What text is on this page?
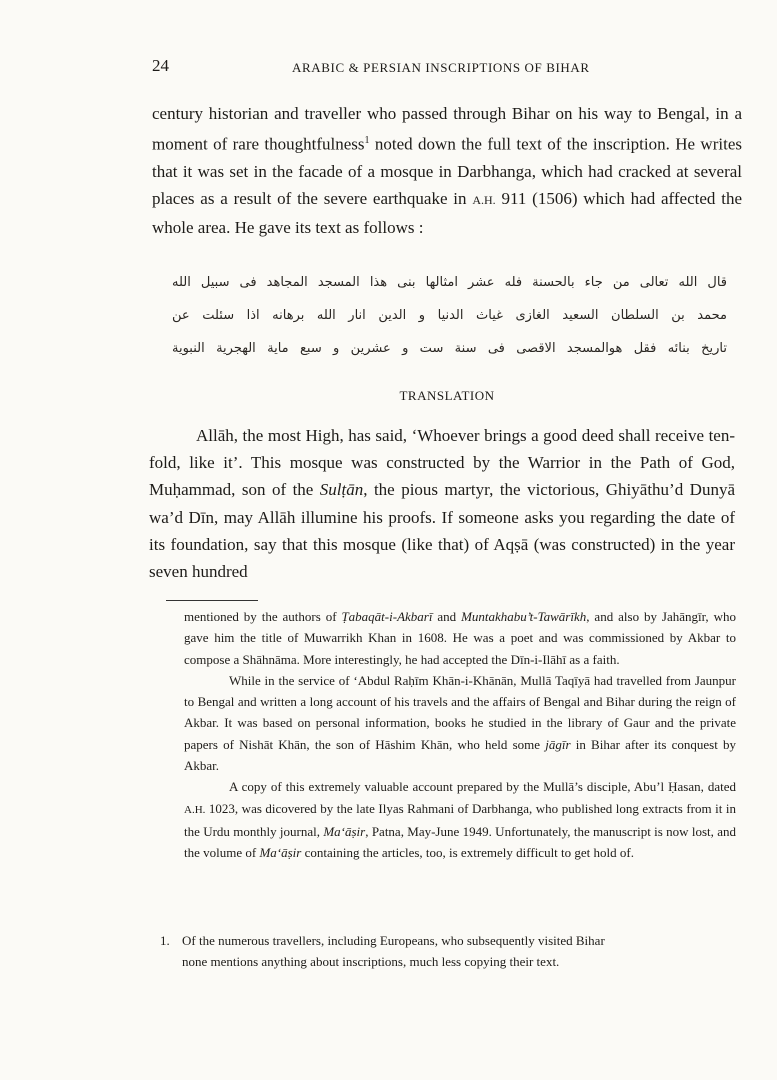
24	ARABIC & PERSIAN INSCRIPTIONS OF BIHAR

century historian and traveller who passed through Bihar on his way to Bengal, in a moment of rare thoughtfulness$^1$ noted down the full text of the inscription. He writes that it was set in the facade of a mosque in Darbhanga, which had cracked at several places as a result of the severe earthquake in A.H. 911 (1506) which had affected the whole area. He gave its text as follows :

قال الله تعالى من جاء بالحسنة فله عشر امثالها بنى هذا المسجد المجاهد فى سبيل الله
محمد بن السلطان السعيد الغازى غياث الدنيا و الدين انار الله برهانه اذا سئلت عن
تاريخ بنائه فقل هوالمسجد الاقصى فى سنة ست و عشرين و سبع ماية الهجرية النبوية
TRANSLATION

Allāh, the most High, has said, ‘Whoever brings a good deed shall receive ten-fold, like it’. This mosque was constructed by the Warrior in the Path of God, Muḥammad, son of the Sulṭān, the pious martyr, the victorious, Ghiyāthu’d Dunyā wa’d Dīn, may Allāh illumine his proofs. If someone asks you regarding the date of its foundation, say that this mosque (like that) of Aqṣā (was constructed) in the year seven hundred

mentioned by the authors of Ṭabaqāt-i-Akbarī and Muntakhabu’t-Tawārīkh, and also by Jahāngīr, who gave him the title of Muwarrikh Khan in 1608. He was a poet and was commissioned by Akbar to compose a Shāhnāma. More interestingly, he had accepted the Dīn-i-Ilāhī as a faith.

While in the service of ‘Abdul Raḥīm Khān-i-Khānān, Mullā Taqīyā had travelled from Jaunpur to Bengal and written a long account of his travels and the affairs of Bengal and Bihar during the reign of Akbar. It was based on personal information, books he studied in the library of Gaur and the private papers of Nishāt Khān, the son of Hāshim Khān, who held some jāgīr in Bihar after its conquest by Akbar.

A copy of this extremely valuable account prepared by the Mullā’s disciple, Abu’l Ḥasan, dated A.H. 1023, was dicovered by the late Ilyas Rahmani of Darbhanga, who published long extracts from it in the Urdu monthly journal, Ma‘āṣir, Patna, May-June 1949. Unfortunately, the manuscript is now lost, and the volume of Ma‘āṣir containing the articles, too, is extremely difficult to get hold of.

1. Of the numerous travellers, including Europeans, who subsequently visited Bihar

none mentions anything about inscriptions, much less copying their text.
